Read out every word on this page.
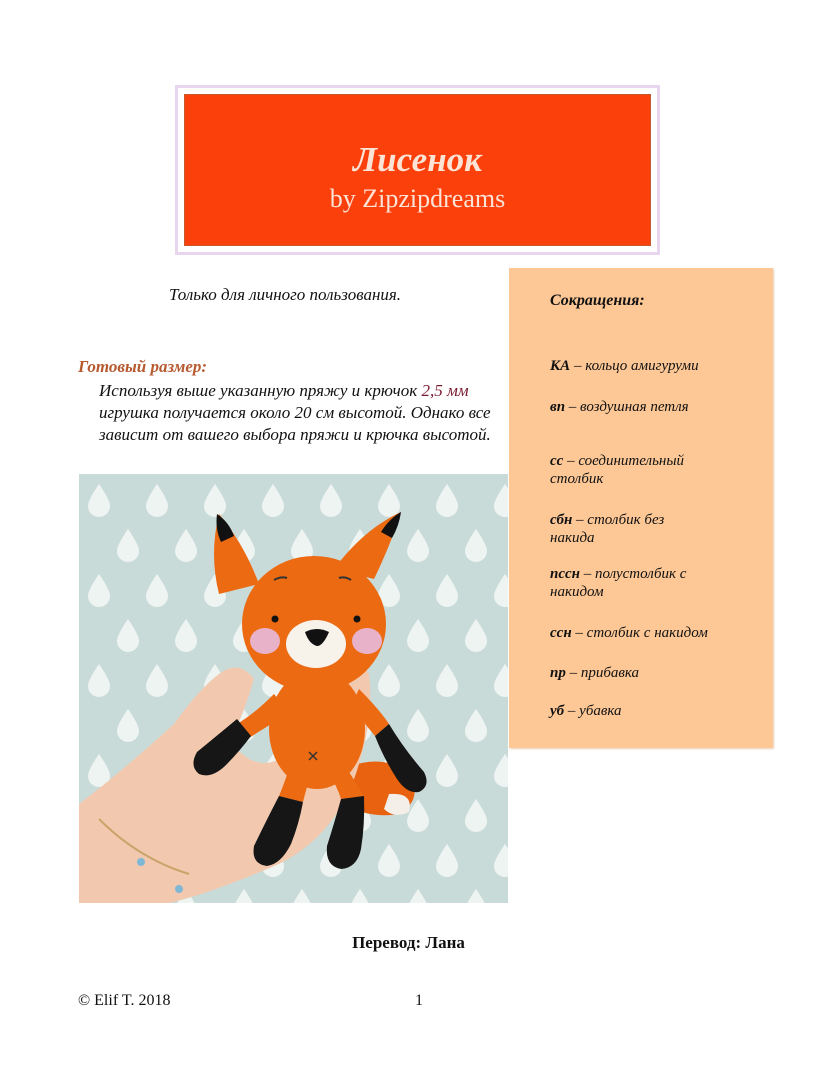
Лисенок
by Zipzipdreams
Только для личного пользования.
Готовый размер:
Используя выше указанную пряжу и крючок 2,5 мм игрушка получается около 20 см высотой. Однако все зависит от вашего выбора пряжи и крючка высотой.
Сокращения:
КА – кольцо амигуруми
вп – воздушная петля
сс – соединительный столбик
сбн – столбик без накида
пссн – полустолбик с накидом
ссн – столбик с накидом
пр – прибавка
уб – убавка
Перевод: Лана
© Elif T. 2018	1
